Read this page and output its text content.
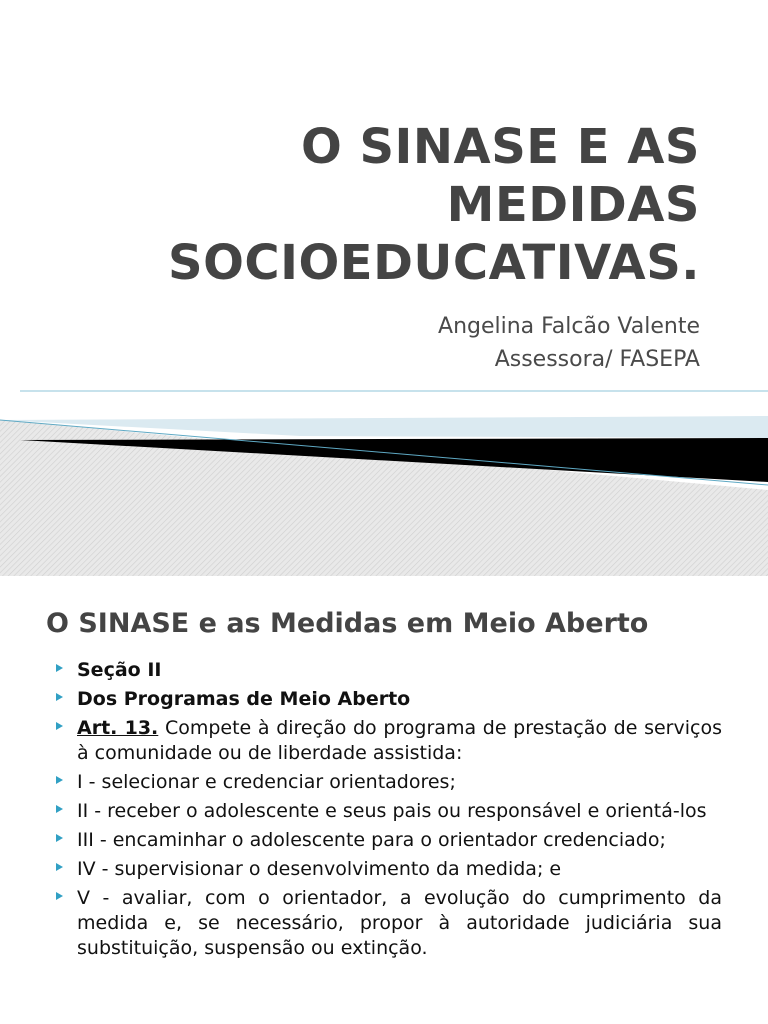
O SINASE E AS
MEDIDAS
SOCIOEDUCATIVAS.
Angelina Falcão Valente
Assessora/ FASEPA
O SINASE e as Medidas em Meio Aberto
Seção II
Dos Programas de Meio Aberto
Art. 13. Compete à direção do programa de prestação de serviços à comunidade ou de liberdade assistida:
I - selecionar e credenciar orientadores;
II - receber o adolescente e seus pais ou responsável e orientá-los
III - encaminhar o adolescente para o orientador credenciado;
IV - supervisionar o desenvolvimento da medida; e
V - avaliar, com o orientador, a evolução do cumprimento da medida e, se necessário, propor à autoridade judiciária sua substituição, suspensão ou extinção.
